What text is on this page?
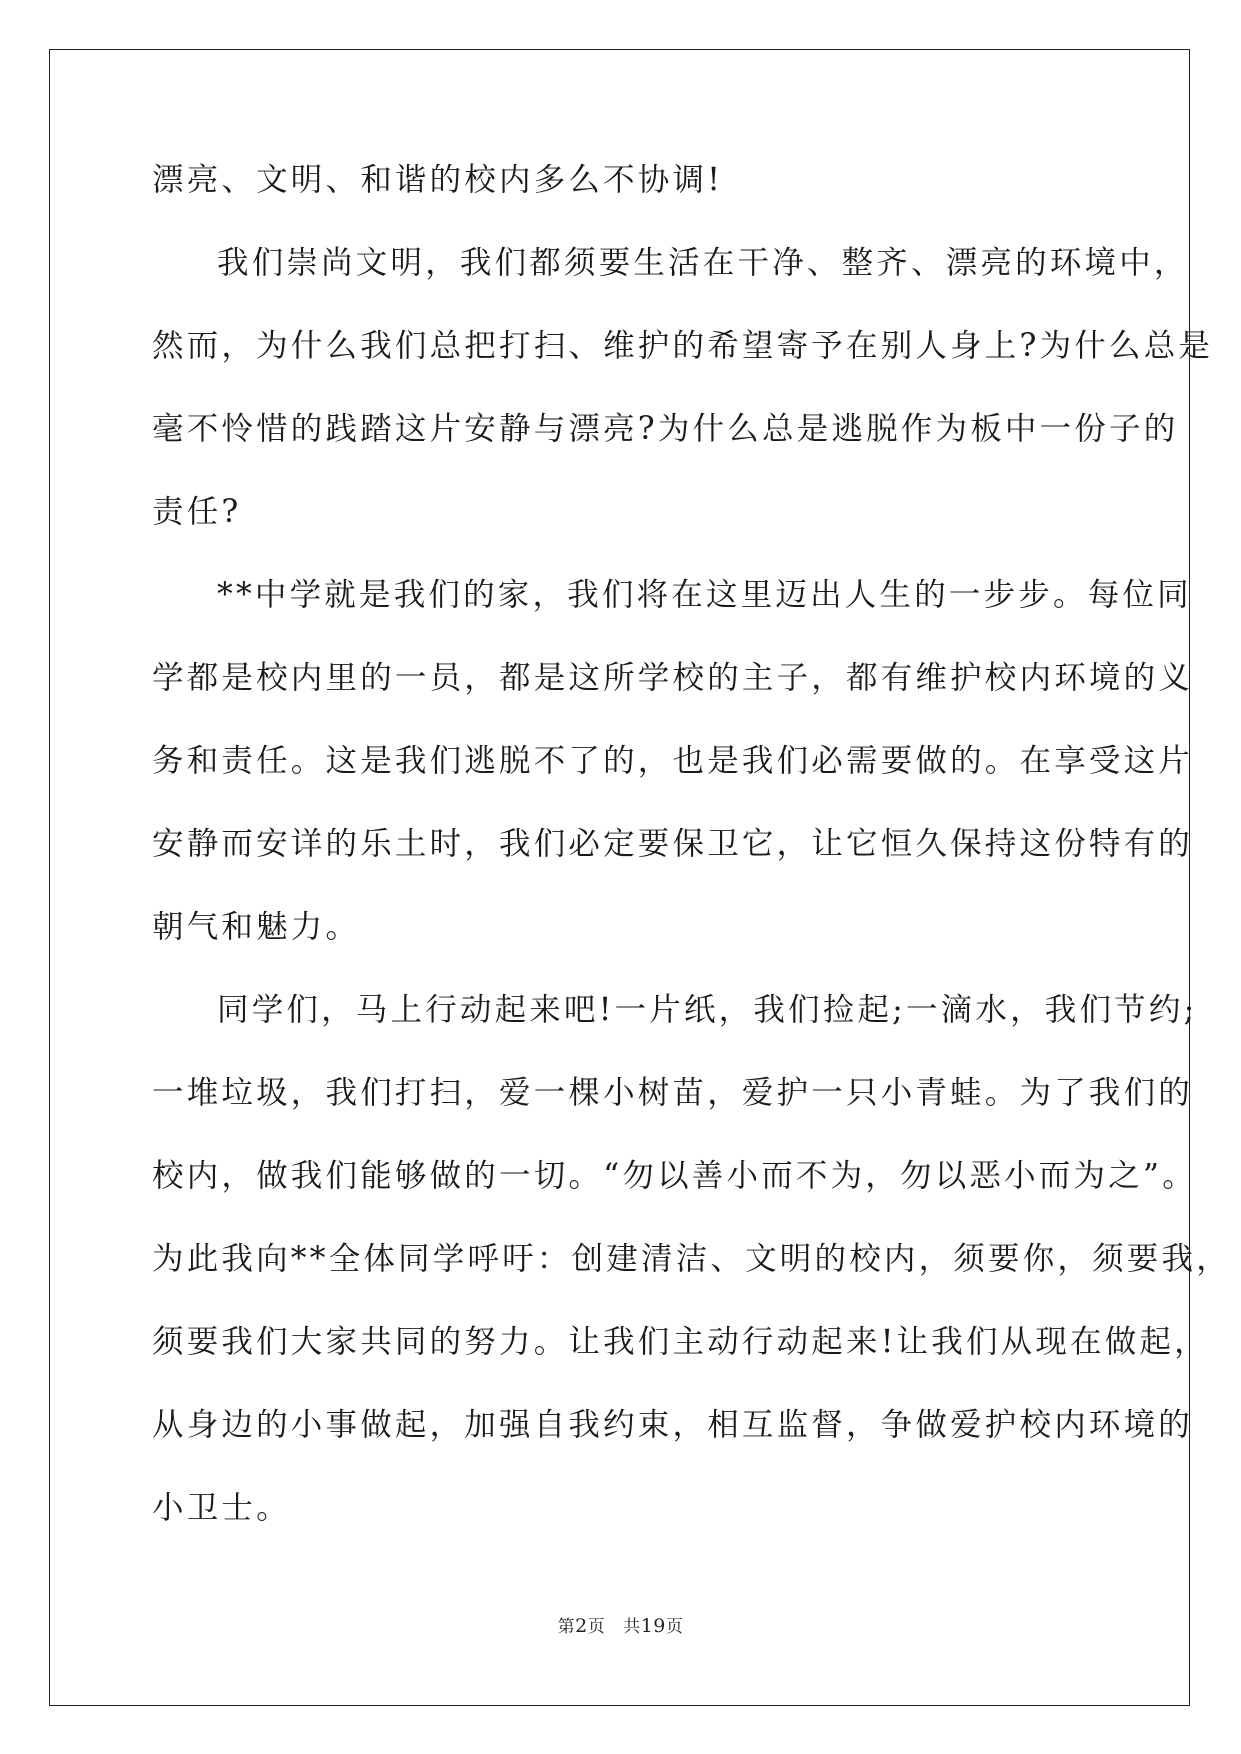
漂亮、文明、和谐的校内多么不协调!
我们崇尚文明，我们都须要生活在干净、整齐、漂亮的环境中，
然而，为什么我们总把打扫、维护的希望寄予在别人身上?为什么总是
毫不怜惜的践踏这片安静与漂亮?为什么总是逃脱作为板中一份子的
责任?
**中学就是我们的家，我们将在这里迈出人生的一步步。每位同
学都是校内里的一员，都是这所学校的主子，都有维护校内环境的义
务和责任。这是我们逃脱不了的，也是我们必需要做的。在享受这片
安静而安详的乐土时，我们必定要保卫它，让它恒久保持这份特有的
朝气和魅力。
同学们，马上行动起来吧!一片纸，我们捡起;一滴水，我们节约;
一堆垃圾，我们打扫，爱一棵小树苗，爱护一只小青蛙。为了我们的
校内，做我们能够做的一切。“勿以善小而不为，勿以恶小而为之”。
为此我向**全体同学呼吁：创建清洁、文明的校内，须要你，须要我，
须要我们大家共同的努力。让我们主动行动起来!让我们从现在做起，
从身边的小事做起，加强自我约束，相互监督，争做爱护校内环境的
小卫士。
第2页 共19页
